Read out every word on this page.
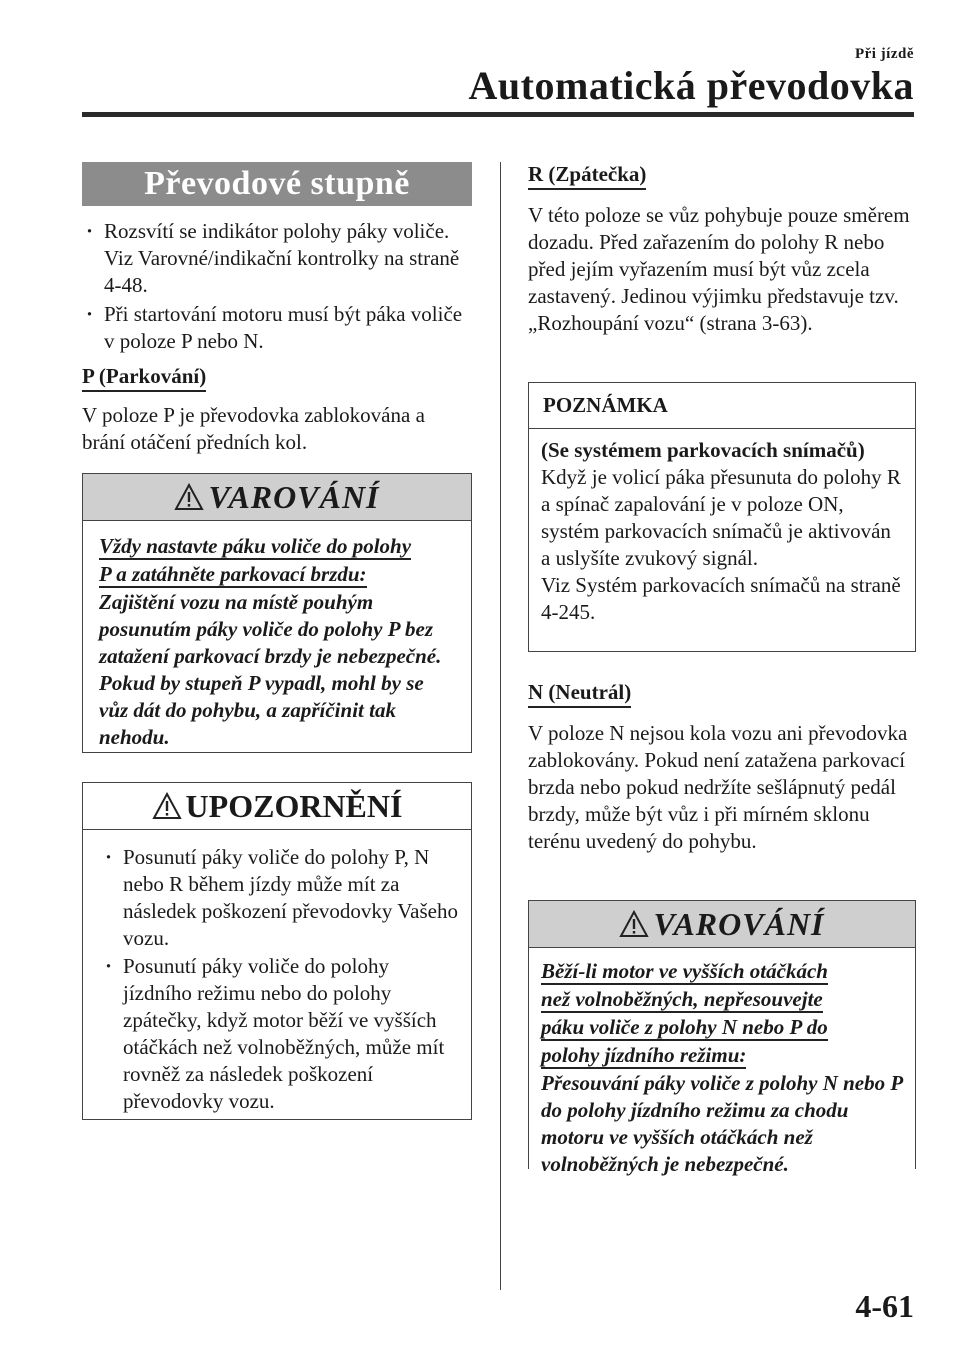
Při jízdě
Automatická převodovka
Převodové stupně
· Rozsvítí se indikátor polohy páky voliče. Viz Varovné/indikační kontrolky na straně 4-48.
· Při startování motoru musí být páka voliče v poloze P nebo N.
P (Parkování)
V poloze P je převodovka zablokována a brání otáčení předních kol.
VAROVÁNÍ
Vždy nastavte páku voliče do polohy
P a zatáhněte parkovací brzdu:
Zajištění vozu na místě pouhým posunutím páky voliče do polohy P bez zatažení parkovací brzdy je nebezpečné. Pokud by stupeň P vypadl, mohl by se vůz dát do pohybu, a zapříčinit tak nehodu.
UPOZORNĚNÍ
· Posunutí páky voliče do polohy P, N nebo R během jízdy může mít za následek poškození převodovky Vašeho vozu.
· Posunutí páky voliče do polohy jízdního režimu nebo do polohy zpátečky, když motor běží ve vyšších otáčkách než volnoběžných, může mít rovněž za následek poškození převodovky vozu.
R (Zpátečka)
V této poloze se vůz pohybuje pouze směrem dozadu. Před zařazením do polohy R nebo před jejím vyřazením musí být vůz zcela zastavený. Jedinou výjimku představuje tzv. „Rozhoupání vozu“ (strana 3-63).
POZNÁMKA
(Se systémem parkovacích snímačů)
Když je volicí páka přesunuta do polohy R a spínač zapalování je v poloze ON, systém parkovacích snímačů je aktivován a uslyšíte zvukový signál.
Viz Systém parkovacích snímačů na straně 4-245.
N (Neutrál)
V poloze N nejsou kola vozu ani převodovka zablokovány. Pokud není zatažena parkovací brzda nebo pokud nedržíte sešlápnutý pedál brzdy, může být vůz i při mírném sklonu terénu uvedený do pohybu.
VAROVÁNÍ
Běží-li motor ve vyšších otáčkách
než volnoběžných, nepřesouvejte
páku voliče z polohy N nebo P do
polohy jízdního režimu:
Přesouvání páky voliče z polohy N nebo P do polohy jízdního režimu za chodu motoru ve vyšších otáčkách než volnoběžných je nebezpečné.
4-61
